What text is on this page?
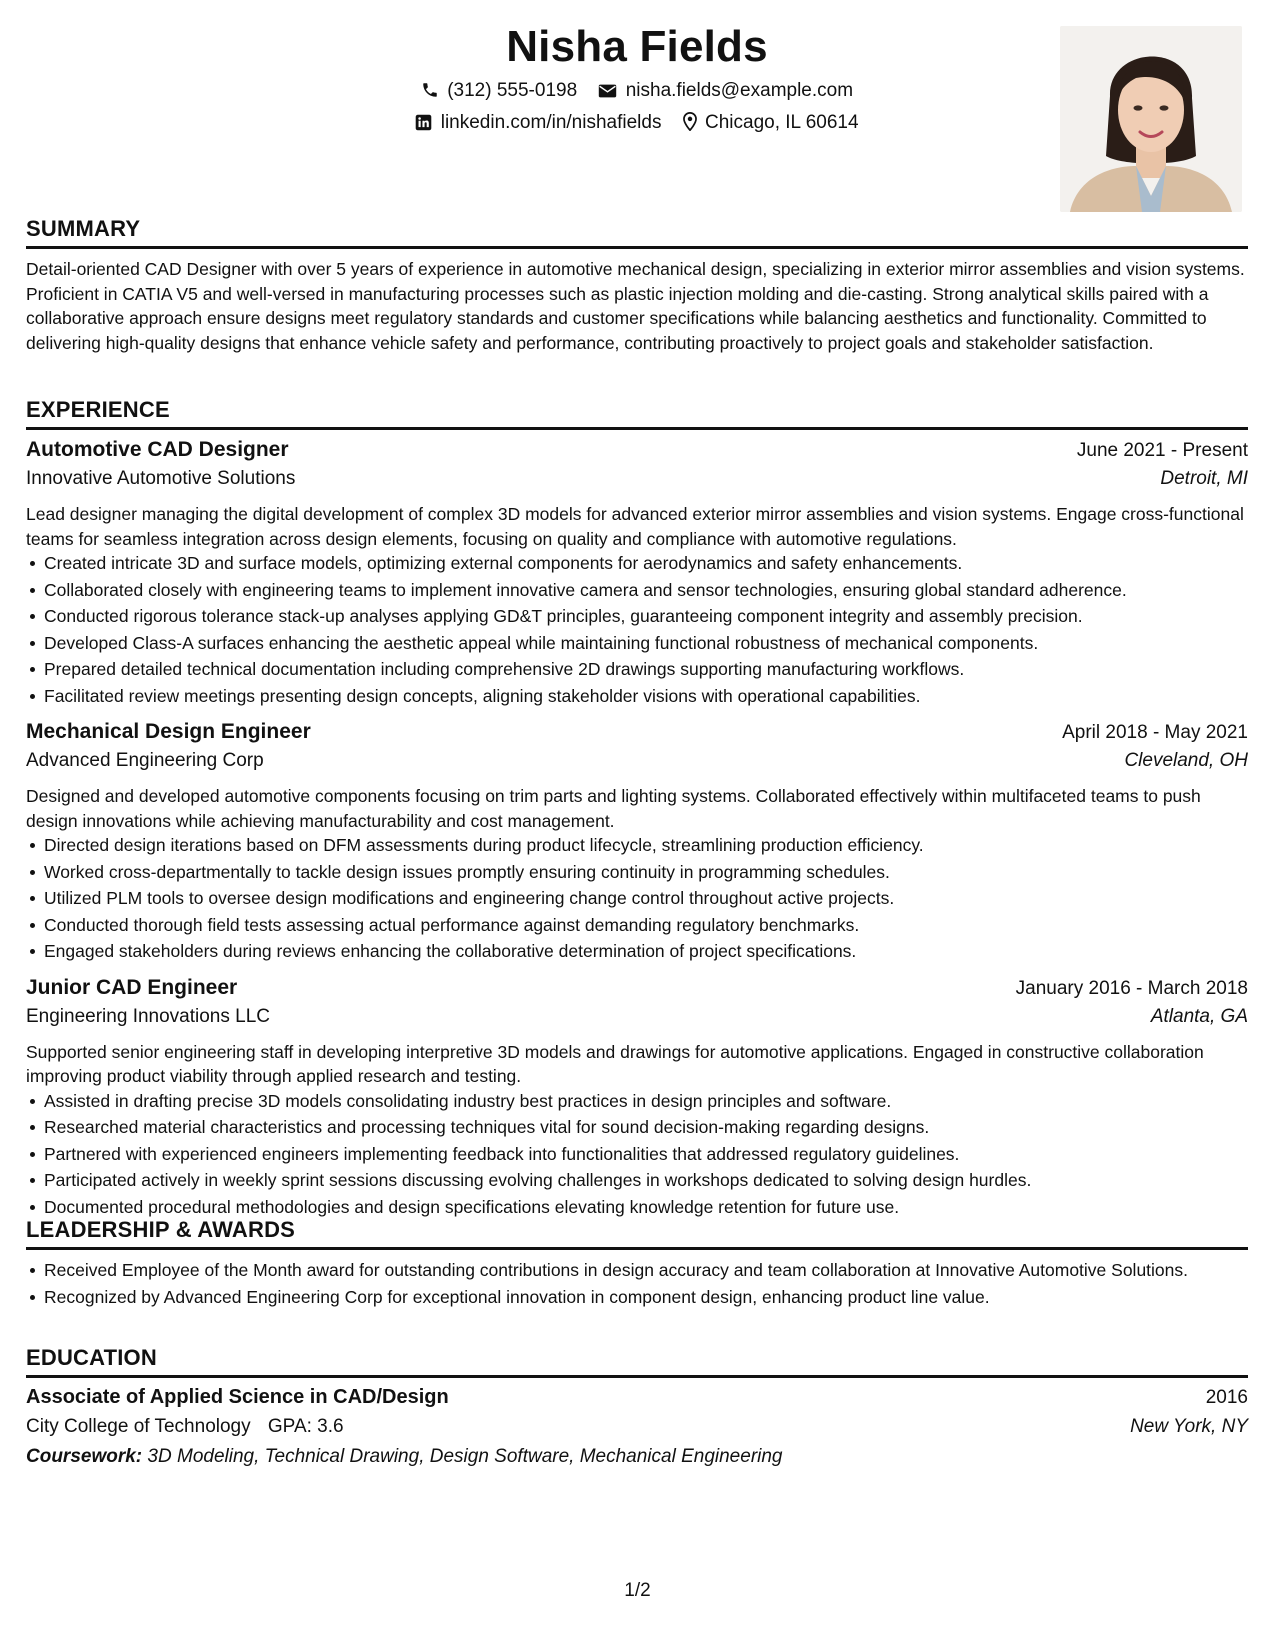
Nisha Fields
(312) 555-0198	nisha.fields@example.com
linkedin.com/in/nishafields Chicago, IL 60614
SUMMARY

Detail-oriented CAD Designer with over 5 years of experience in automotive mechanical design, specializing in exterior mirror assemblies and vision systems. Proficient in CATIA V5 and well-versed in manufacturing processes such as plastic injection molding and die-casting. Strong analytical skills paired with a collaborative approach ensure designs meet regulatory standards and customer specifications while balancing aesthetics and functionality. Committed to delivering high-quality designs that enhance vehicle safety and performance, contributing proactively to project goals and stakeholder satisfaction.

EXPERIENCE
Automotive CAD Designer	June 2021 - Present
Innovative Automotive Solutions	Detroit, MI

Lead designer managing the digital development of complex 3D models for advanced exterior mirror assemblies and vision systems. Engage cross-functional teams for seamless integration across design elements, focusing on quality and compliance with automotive regulations.

Created intricate 3D and surface models, optimizing external components for aerodynamics and safety enhancements.
Collaborated closely with engineering teams to implement innovative camera and sensor technologies, ensuring global standard adherence.
Conducted rigorous tolerance stack-up analyses applying GD&T principles, guaranteeing component integrity and assembly precision.
Developed Class-A surfaces enhancing the aesthetic appeal while maintaining functional robustness of mechanical components.
Prepared detailed technical documentation including comprehensive 2D drawings supporting manufacturing workflows.
Facilitated review meetings presenting design concepts, aligning stakeholder visions with operational capabilities.
Mechanical Design Engineer	April 2018 - May 2021
Advanced Engineering Corp	Cleveland, OH

Designed and developed automotive components focusing on trim parts and lighting systems. Collaborated effectively within multifaceted teams to push design innovations while achieving manufacturability and cost management.

Directed design iterations based on DFM assessments during product lifecycle, streamlining production efficiency.
Worked cross-departmentally to tackle design issues promptly ensuring continuity in programming schedules.
Utilized PLM tools to oversee design modifications and engineering change control throughout active projects.
Conducted thorough field tests assessing actual performance against demanding regulatory benchmarks.
Engaged stakeholders during reviews enhancing the collaborative determination of project specifications.
Junior CAD Engineer	January 2016 - March 2018
Engineering Innovations LLC	Atlanta, GA

Supported senior engineering staff in developing interpretive 3D models and drawings for automotive applications. Engaged in constructive collaboration improving product viability through applied research and testing.

Assisted in drafting precise 3D models consolidating industry best practices in design principles and software.
Researched material characteristics and processing techniques vital for sound decision-making regarding designs.
Partnered with experienced engineers implementing feedback into functionalities that addressed regulatory guidelines.
Participated actively in weekly sprint sessions discussing evolving challenges in workshops dedicated to solving design hurdles.
Documented procedural methodologies and design specifications elevating knowledge retention for future use.
LEADERSHIP & AWARDS
Received Employee of the Month award for outstanding contributions in design accuracy and team collaboration at Innovative Automotive Solutions.
Recognized by Advanced Engineering Corp for exceptional innovation in component design, enhancing product line value.
EDUCATION
Associate of Applied Science in CAD/Design	2016
City College of Technology GPA: 3.6	New York, NY
Coursework: 3D Modeling, Technical Drawing, Design Software, Mechanical Engineering
1/2
